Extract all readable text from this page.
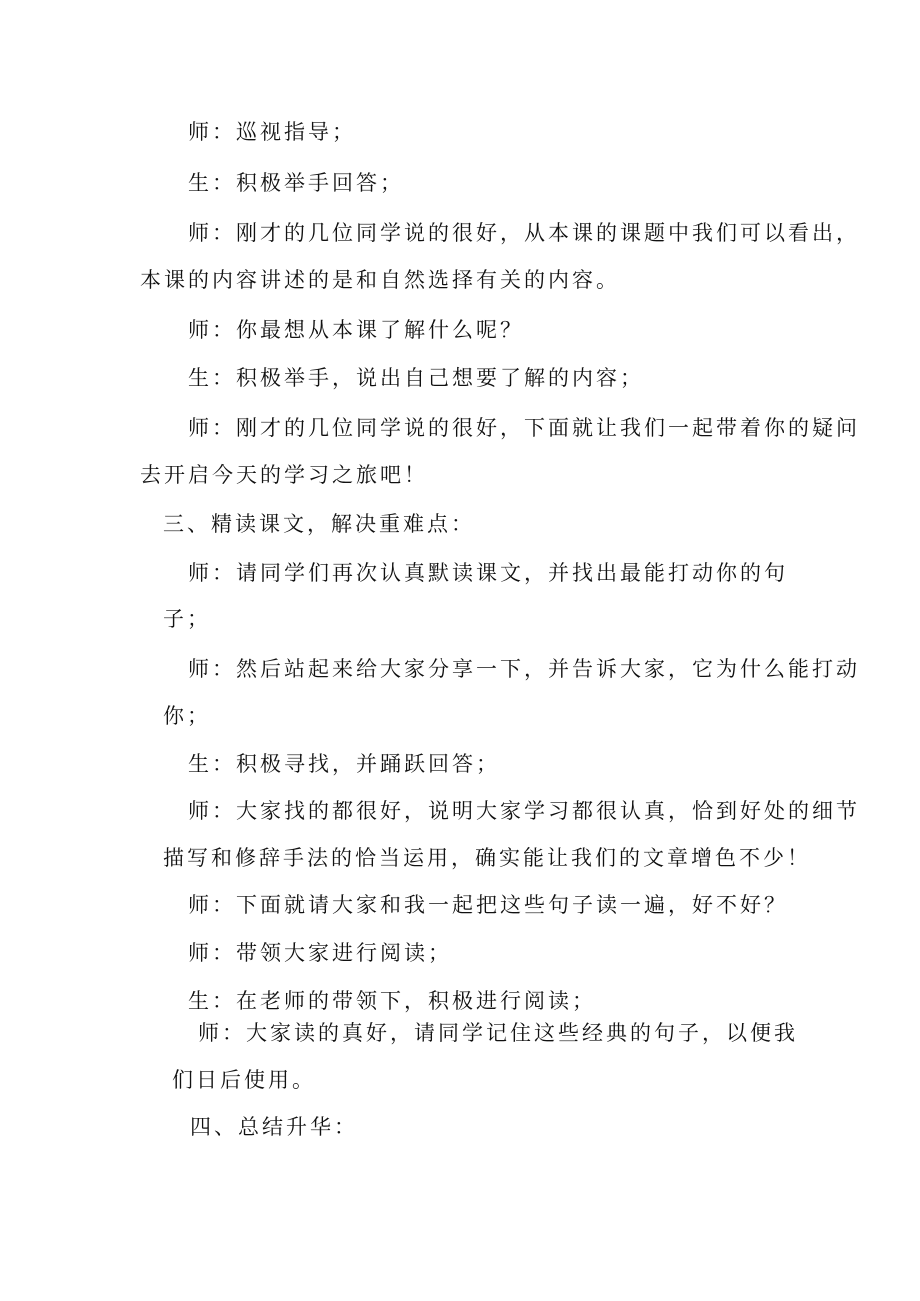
师：巡视指导；
生：积极举手回答；
师：刚才的几位同学说的很好，从本课的课题中我们可以看出，
本课的内容讲述的是和自然选择有关的内容。
师：你最想从本课了解什么呢？
生：积极举手，说出自己想要了解的内容；
师：刚才的几位同学说的很好，下面就让我们一起带着你的疑问
去开启今天的学习之旅吧！
三、精读课文，解决重难点：
师：请同学们再次认真默读课文，并找出最能打动你的句
子；
师：然后站起来给大家分享一下，并告诉大家，它为什么能打动
你；
生：积极寻找，并踊跃回答；
师：大家找的都很好，说明大家学习都很认真，恰到好处的细节
描写和修辞手法的恰当运用，确实能让我们的文章增色不少！
师：下面就请大家和我一起把这些句子读一遍，好不好？
师：带领大家进行阅读；
生：在老师的带领下，积极进行阅读；
师：大家读的真好，请同学记住这些经典的句子，以便我
们日后使用。
四、总结升华：
